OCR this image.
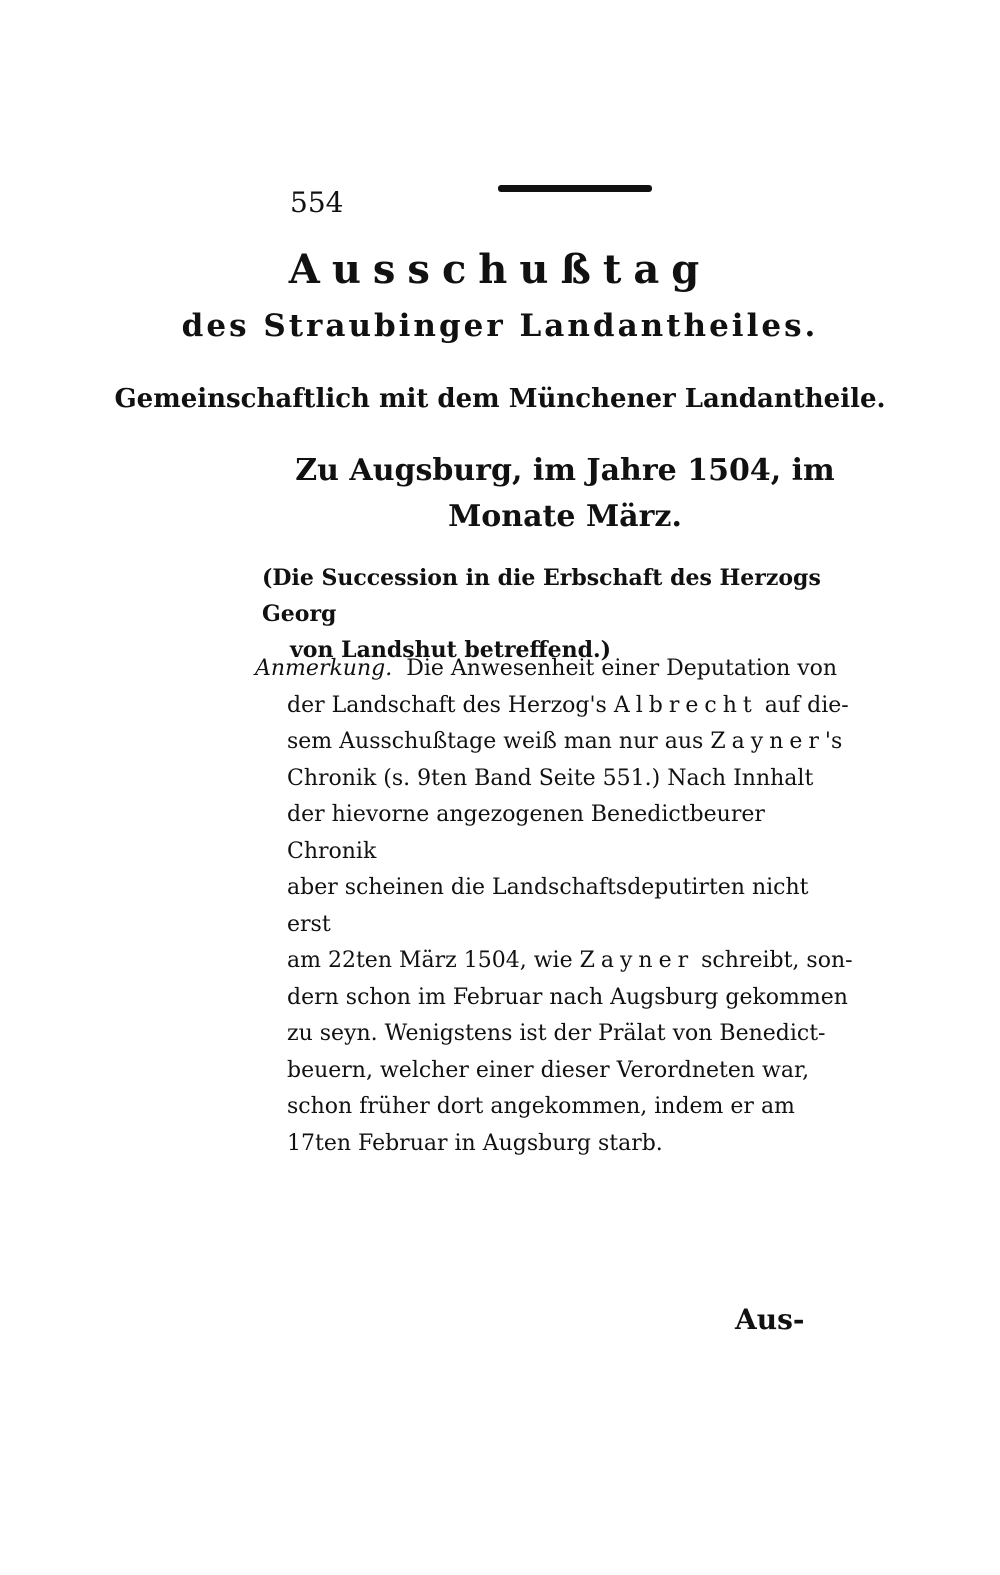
554
Ausschußtag
des Straubinger Landantheiles.
Gemeinschaftlich mit dem Münchener Landantheile.
Zu Augsburg, im Jahre 1504, im Monate März.
(Die Succession in die Erbschaft des Herzogs Georg
von Landshut betreffend.)
Anmerkung. Die Anwesenheit einer Deputation von
der Landschaft des Herzog's Albrecht auf die-
sem Ausschußtage weiß man nur aus Zayner's
Chronik (s. 9ten Band Seite 551.) Nach Innhalt
der hievorne angezogenen Benedictbeurer Chronik
aber scheinen die Landschaftsdeputirten nicht erst
am 22ten März 1504, wie Zayner schreibt, son-
dern schon im Februar nach Augsburg gekommen
zu seyn. Wenigstens ist der Prälat von Benedict-
beuern, welcher einer dieser Verordneten war,
schon früher dort angekommen, indem er am
17ten Februar in Augsburg starb.
Aus-
